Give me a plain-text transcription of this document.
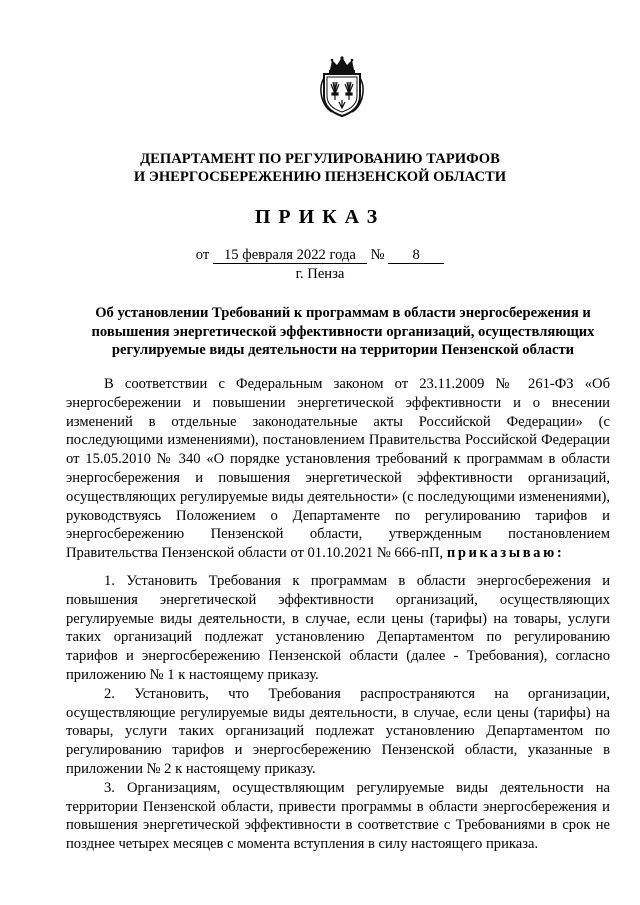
ДЕПАРТАМЕНТ ПО РЕГУЛИРОВАНИЮ ТАРИФОВ
И ЭНЕРГОСБЕРЕЖЕНИЮ ПЕНЗЕНСКОЙ ОБЛАСТИ
ПРИКАЗ
от 15 февраля 2022 года № 8
г. Пенза
Об установлении Требований к программам в области энергосбережения и
повышения энергетической эффективности организаций, осуществляющих
регулируемые виды деятельности на территории Пензенской области

В соответствии с Федеральным законом от 23.11.2009 № 261-ФЗ «Об энергосбережении и повышении энергетической эффективности и о внесении изменений в отдельные законодательные акты Российской Федерации» (с последующими изменениями), постановлением Правительства Российской Федерации от 15.05.2010 № 340 «О порядке установления требований к программам в области энергосбережения и повышения энергетической эффективности организаций, осуществляющих регулируемые виды деятельности» (с последующими изменениями), руководствуясь Положением о Департаменте по регулированию тарифов и энергосбережению Пензенской области, утвержденным постановлением Правительства Пензенской области от 01.10.2021 № 666-пП, приказываю:

1. Установить Требования к программам в области энергосбережения и повышения энергетической эффективности организаций, осуществляющих регулируемые виды деятельности, в случае, если цены (тарифы) на товары, услуги таких организаций подлежат установлению Департаментом по регулированию тарифов и энергосбережению Пензенской области (далее - Требования), согласно приложению № 1 к настоящему приказу.

2. Установить, что Требования распространяются на организации, осуществляющие регулируемые виды деятельности, в случае, если цены (тарифы) на товары, услуги таких организаций подлежат установлению Департаментом по регулированию тарифов и энергосбережению Пензенской области, указанные в приложении № 2 к настоящему приказу.

3. Организациям, осуществляющим регулируемые виды деятельности на территории Пензенской области, привести программы в области энергосбережения и повышения энергетической эффективности в соответствие с Требованиями в срок не позднее четырех месяцев с момента вступления в силу настоящего приказа.
